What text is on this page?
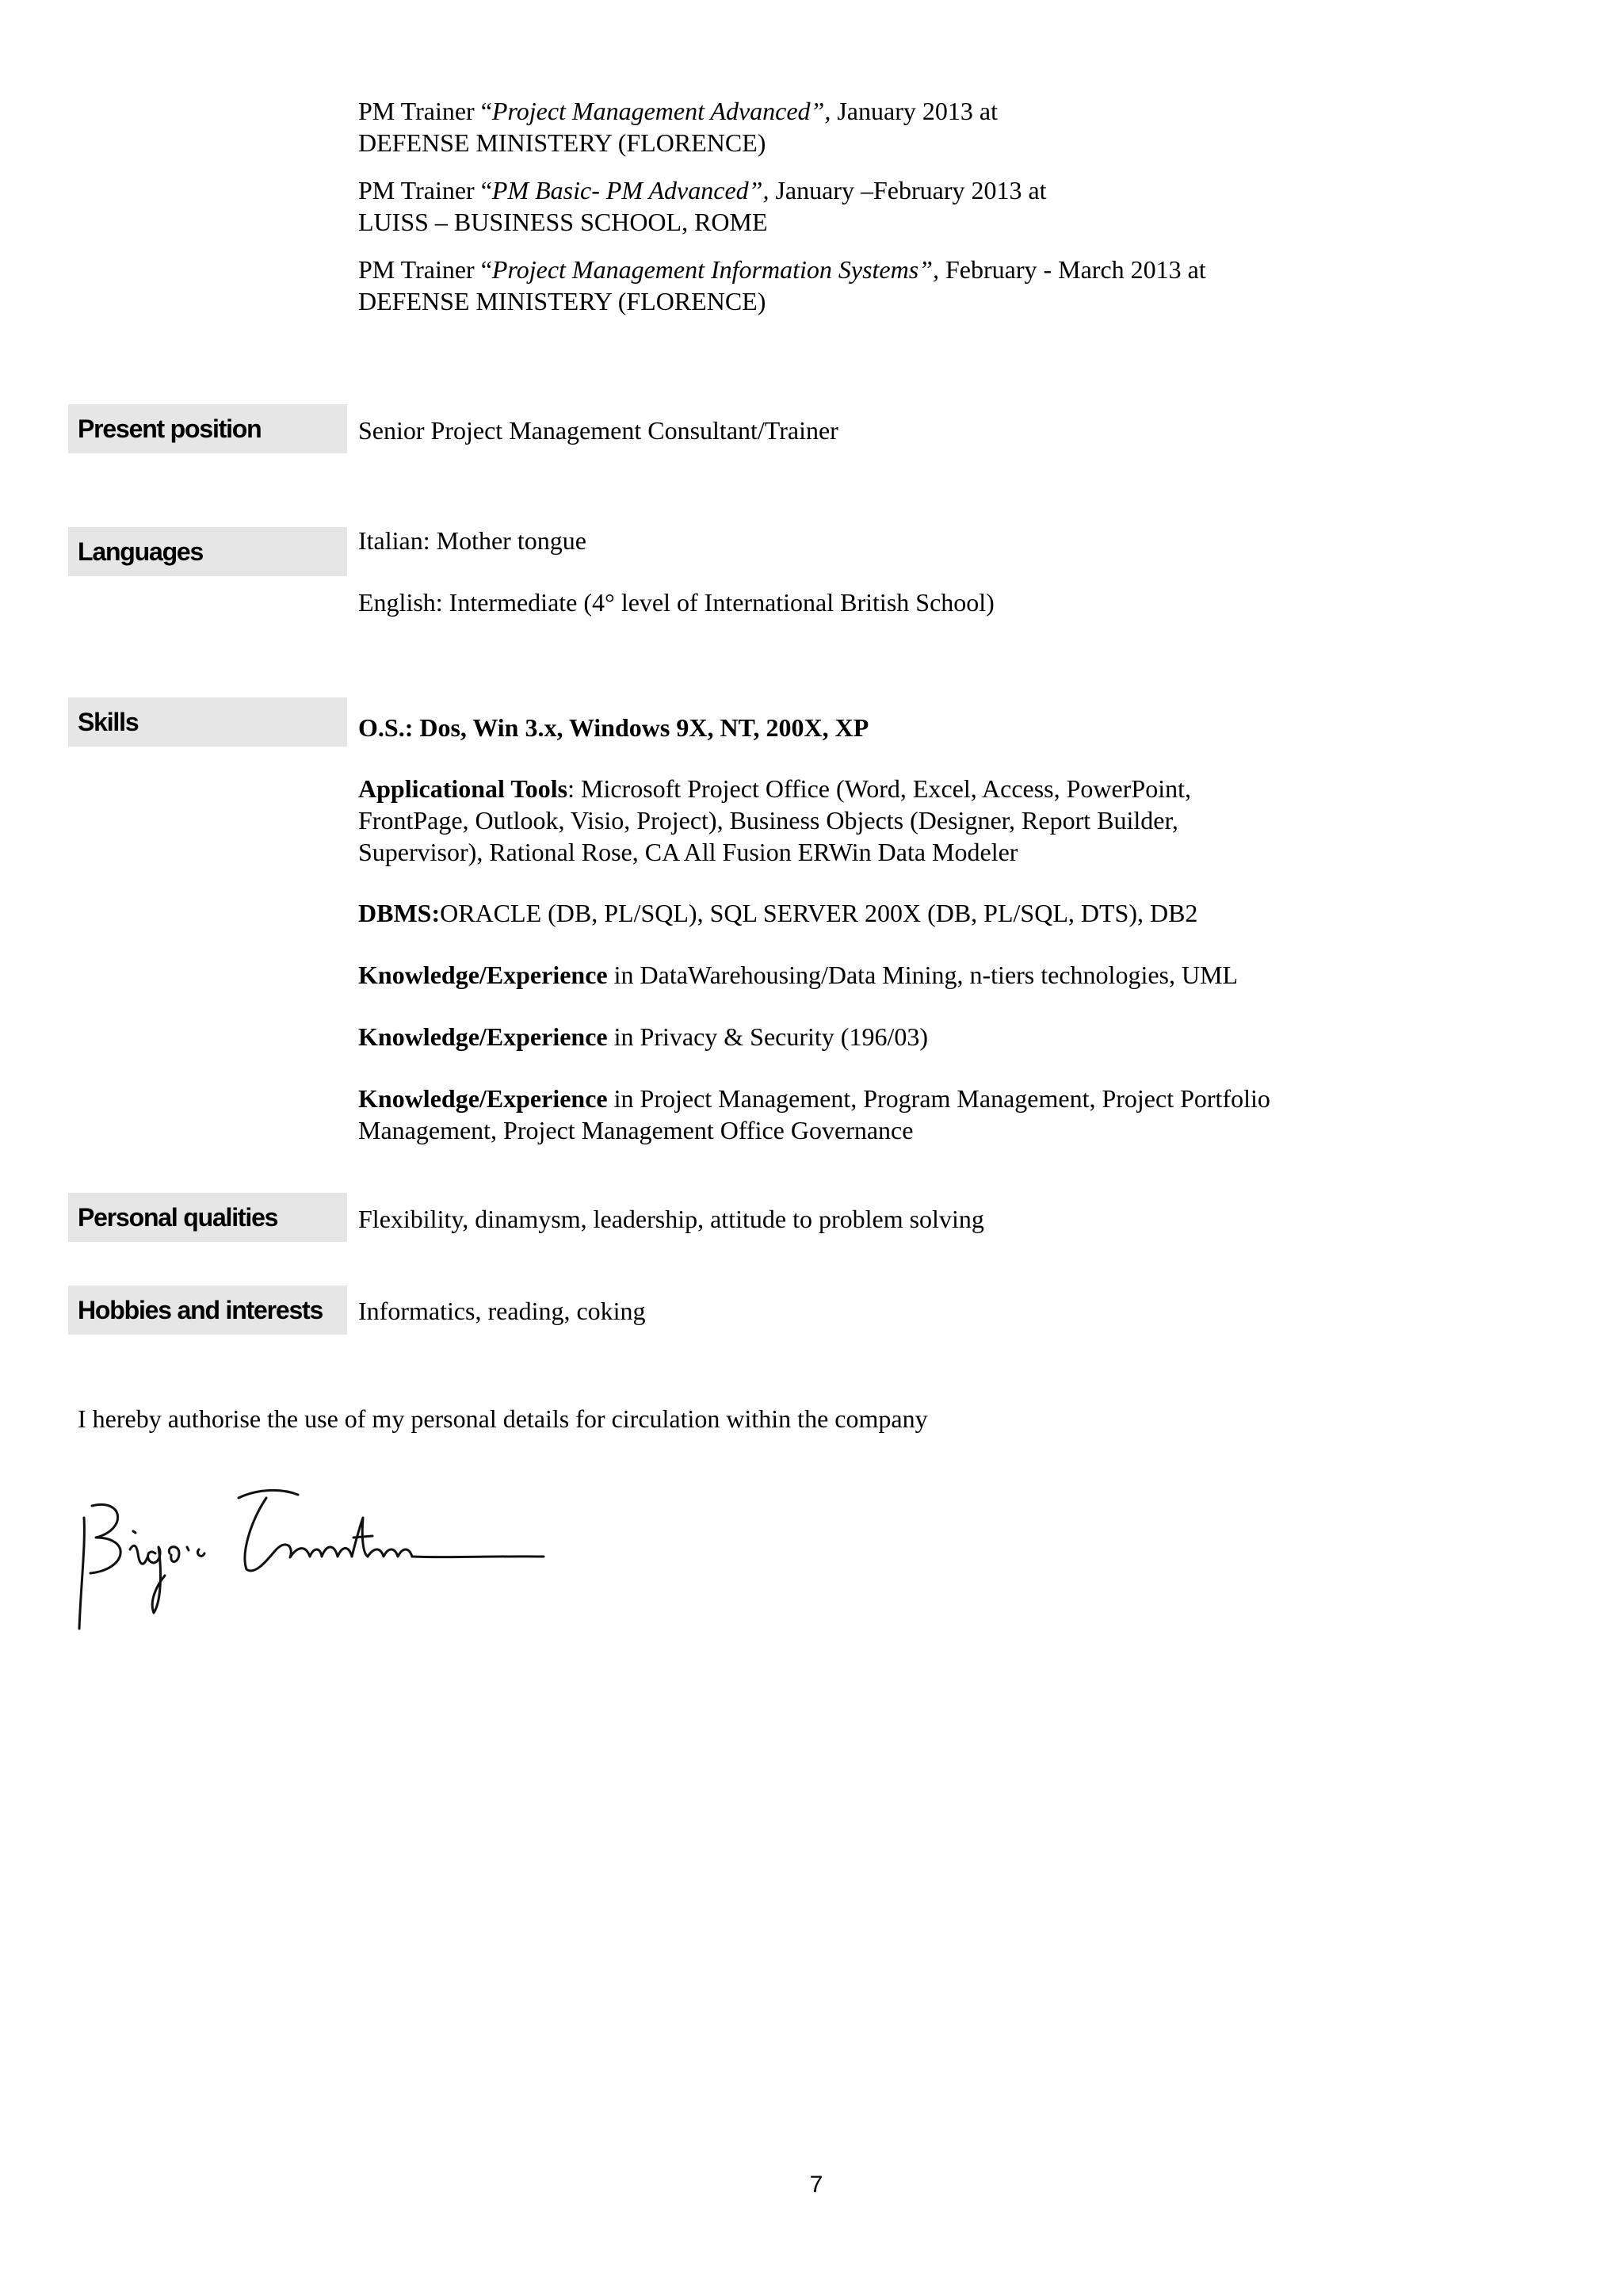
PM Trainer “Project Management Advanced”, January 2013 at
DEFENSE MINISTERY (FLORENCE)
PM Trainer “PM Basic- PM Advanced”, January –February 2013 at
LUISS – BUSINESS SCHOOL, ROME
PM Trainer “Project Management Information Systems”, February - March 2013 at
DEFENSE MINISTERY (FLORENCE)
Present position	Senior Project Management Consultant/Trainer
Languages	Italian: Mother tongue
English: Intermediate (4° level of International British School)
Skills	O.S.: Dos, Win 3.x, Windows 9X, NT, 200X, XP
Applicational Tools: Microsoft Project Office (Word, Excel, Access, PowerPoint,
FrontPage, Outlook, Visio, Project), Business Objects (Designer, Report Builder,
Supervisor), Rational Rose, CA All Fusion ERWin Data Modeler
DBMS:ORACLE (DB, PL/SQL), SQL SERVER 200X (DB, PL/SQL, DTS), DB2
Knowledge/Experience in DataWarehousing/Data Mining, n-tiers technologies, UML
Knowledge/Experience in Privacy & Security (196/03)
Knowledge/Experience in Project Management, Program Management, Project Portfolio
Management, Project Management Office Governance
Personal qualities	Flexibility, dinamysm, leadership, attitude to problem solving
Hobbies and interests	Informatics, reading, coking
I hereby authorise the use of my personal details for circulation within the company
7
